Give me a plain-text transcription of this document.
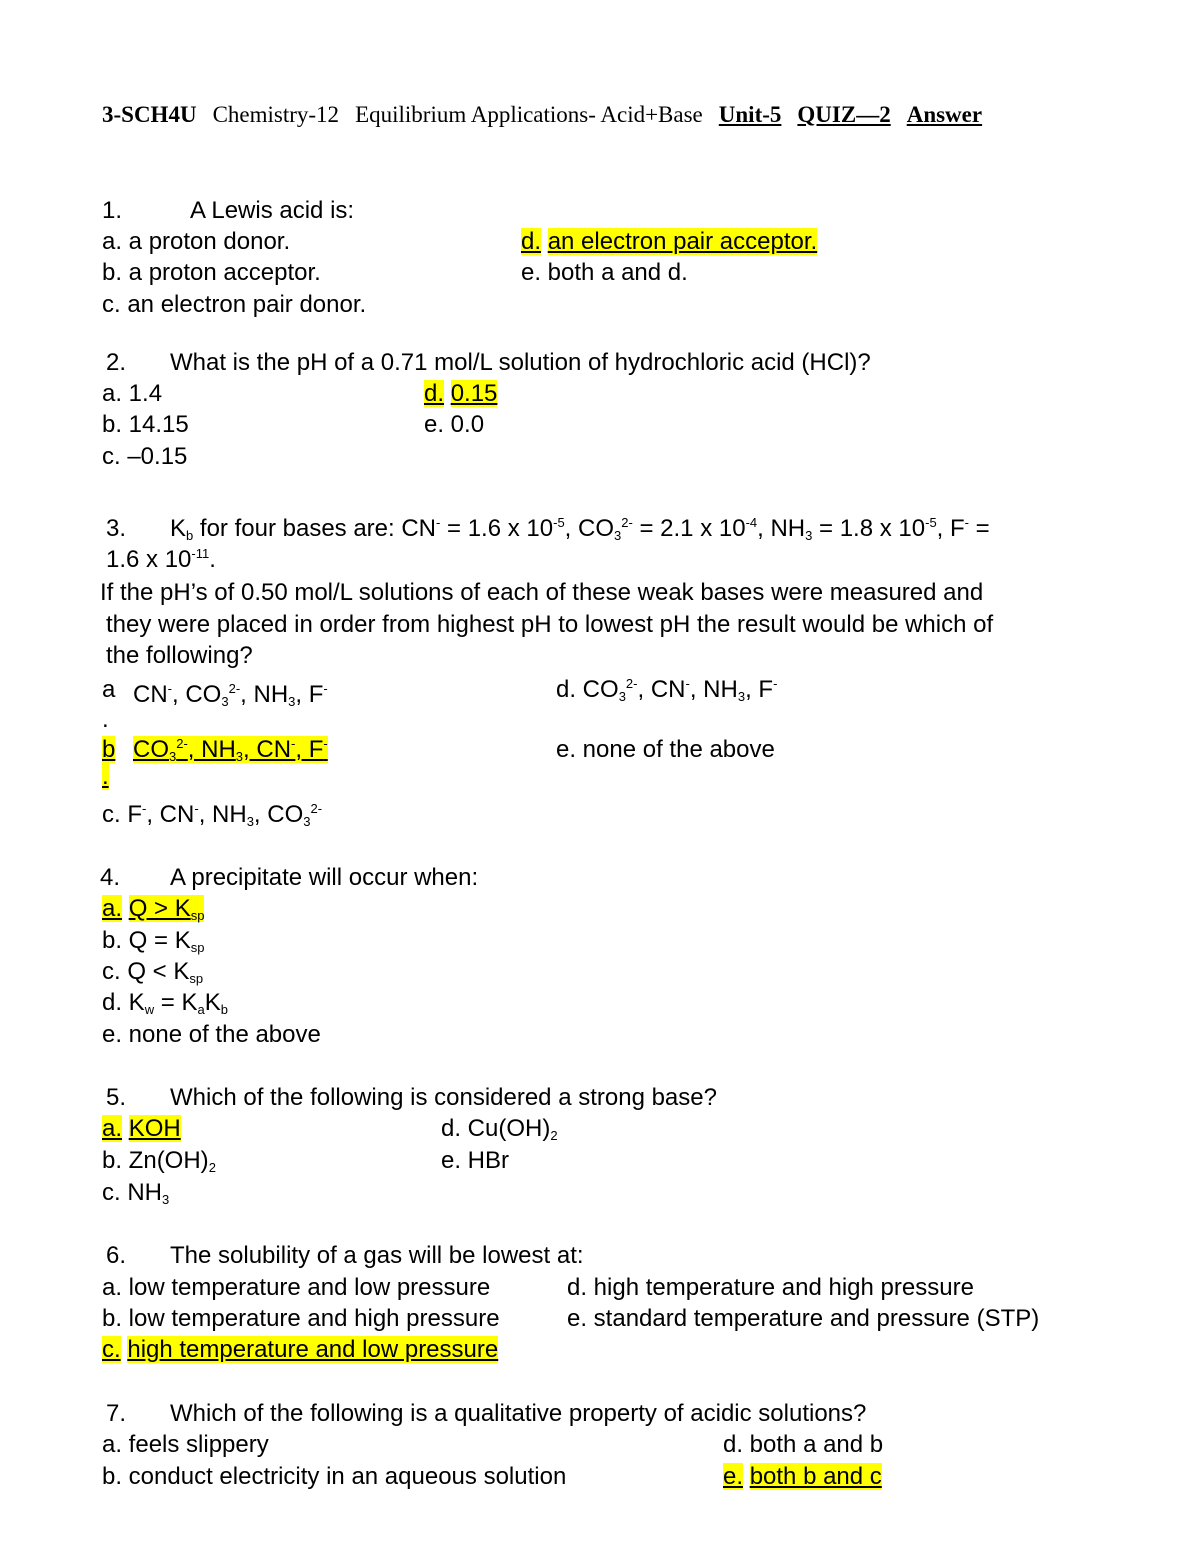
3-SCH4U Chemistry-12 Equilibrium Applications- Acid+Base Unit-5 QUIZ—2 Answer
1.	A Lewis acid is:
a. a proton donor.
b. a proton acceptor.
c. an electron pair donor.
d. an electron pair acceptor.
e. both a and d.
2. What is the pH of a 0.71 mol/L solution of hydrochloric acid (HCl)?
a. 1.4
b. 14.15
c. –0.15
d. 0.15
e. 0.0
3. $K_b$ for four bases are: CN- = 1.6 x $10^{-5}$, $CO_3^{2-} = 2.1$ x $10^{-4}$, $NH_3 = 1.8$ x $10^{-5}$, F- =
1.6 x $10^{-11}$.
If the pH’s of 0.50 mol/L solutions of each of these weak bases were measured and
they were placed in order from highest pH to lowest pH the result would be which of
the following?
a
.
CN-, $CO_3^{2-}$, $NH_3$, F-
b
.
$CO_3^{2-}$, $NH_3$, CN-, F-
c. F-, CN-, $NH_3$, $CO_3^{2-}$
d. $CO_3^{2-}$, CN-, $NH_3$, F-
e. none of the above
4. A precipitate will occur when:
a. $Q > K_{sp}$
b. $Q = K_{sp}$
c. $Q < K_{sp}$
d. $K_w = K_aK_b$
e. none of the above
5. Which of the following is considered a strong base?
a. KOH
b. $Zn(OH)_2$
c. $NH_3$
d. $Cu(OH)_2$
e. HBr
6. The solubility of a gas will be lowest at:
a. low temperature and low pressure
b. low temperature and high pressure
c. high temperature and low pressure
d. high temperature and high pressure
e. standard temperature and pressure (STP)
7. Which of the following is a qualitative property of acidic solutions?
a. feels slippery
b. conduct electricity in an aqueous solution
d. both a and b
e. both b and c
